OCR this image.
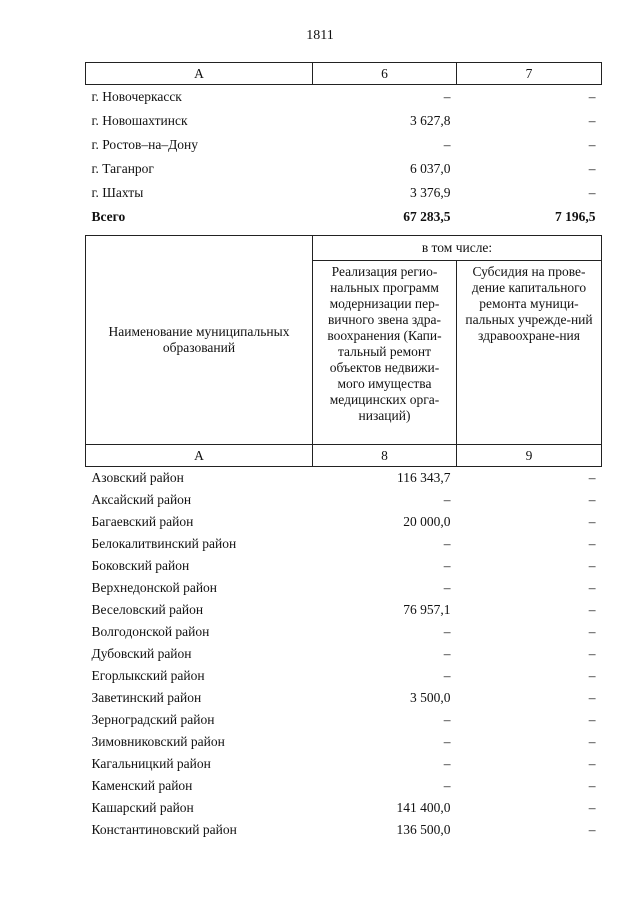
1811
А	6	7
г. Новочеркасск	–	–
г. Новошахтинск	3 627,8	–
г. Ростов–на–Дону	–	–
г. Таганрог	6 037,0	–
г. Шахты	3 376,9	–
Всего	67 283,5	7 196,5
Наименование муниципальных образований	в том числе:	
	Реализация регио-нальных программ модернизации пер-вичного звена здра-воохранения (Капи-тальный ремонт объектов недвижи-мого имущества медицинских орга-низаций)	Субсидия на прове-дение капитального ремонта муници-пальных учрежде-ний здравоохране-ния
А	8	9
Азовский район	116 343,7	–
Аксайский район	–	–
Багаевский район	20 000,0	–
Белокалитвинский район	–	–
Боковский район	–	–
Верхнедонской район	–	–
Веселовский район	76 957,1	–
Волгодонской район	–	–
Дубовский район	–	–
Егорлыкский район	–	–
Заветинский район	3 500,0	–
Зерноградский район	–	–
Зимовниковский район	–	–
Кагальницкий район	–	–
Каменский район	–	–
Кашарский район	141 400,0	–
Константиновский район	136 500,0	–
